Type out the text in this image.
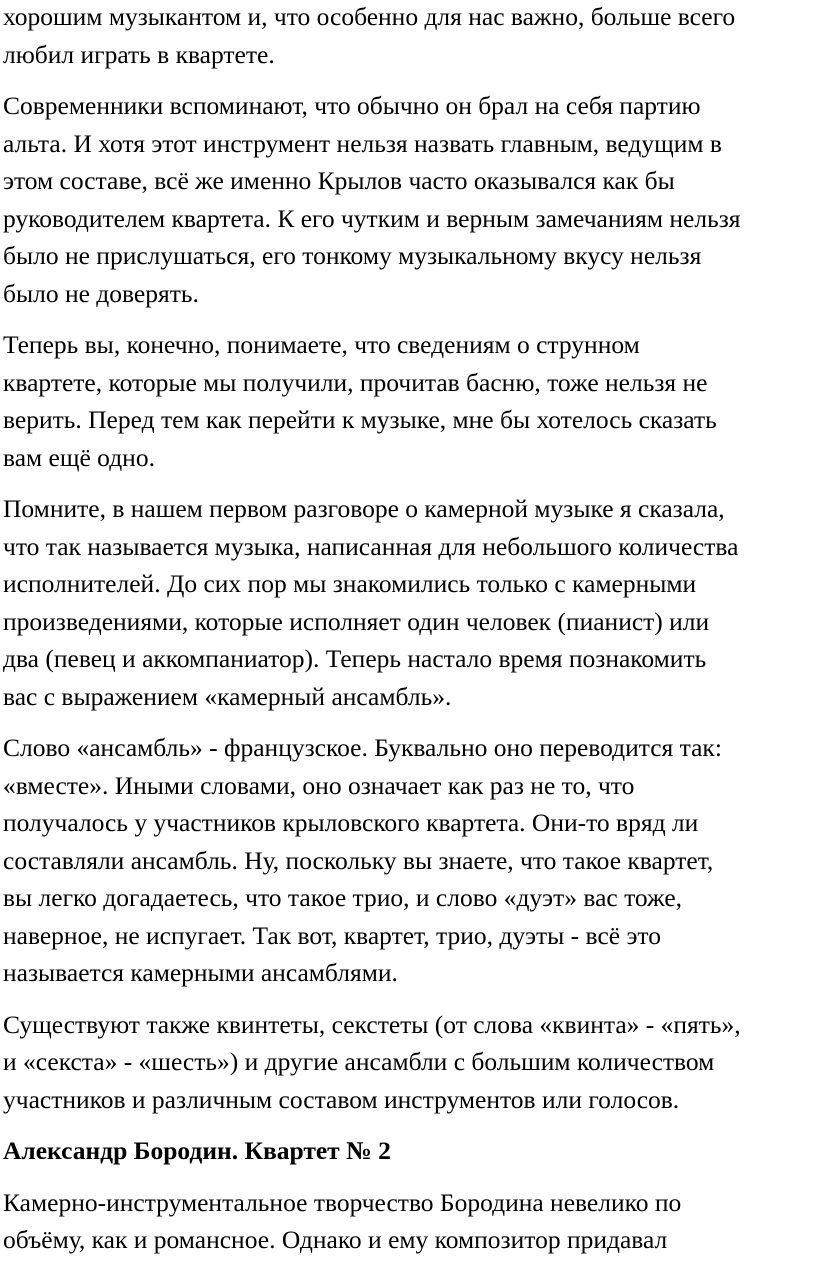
хорошим музыкантом и, что особенно для нас важно, больше всего
любил играть в квартете.

Современники вспоминают, что обычно он брал на себя партию
альта. И хотя этот инструмент нельзя назвать главным, ведущим в
этом составе, всё же именно Крылов часто оказывался как бы
руководителем квартета. К его чутким и верным замечаниям нельзя
было не прислушаться, его тонкому музыкальному вкусу нельзя
было не доверять.

Теперь вы, конечно, понимаете, что сведениям о струнном
квартете, которые мы получили, прочитав басню, тоже нельзя не
верить. Перед тем как перейти к музыке, мне бы хотелось сказать
вам ещё одно.

Помните, в нашем первом разговоре о камерной музыке я сказала,
что так называется музыка, написанная для небольшого количества
исполнителей. До сих пор мы знакомились только с камерными
произведениями, которые исполняет один человек (пианист) или
два (певец и аккомпаниатор). Теперь настало время познакомить
вас с выражением «камерный ансамбль».

Слово «ансамбль» - французское. Буквально оно переводится так:
«вместе». Иными словами, оно означает как раз не то, что
получалось у участников крыловского квартета. Они-то вряд ли
составляли ансамбль. Ну, поскольку вы знаете, что такое квартет,
вы легко догадаетесь, что такое трио, и слово «дуэт» вас тоже,
наверное, не испугает. Так вот, квартет, трио, дуэты - всё это
называется камерными ансамблями.

Существуют также квинтеты, секстеты (от слова «квинта» - «пять»,
и «секста» - «шесть») и другие ансамбли с большим количеством
участников и различным составом инструментов или голосов.

Александр Бородин. Квартет № 2

Камерно-инструментальное творчество Бородина невелико по
объёму, как и романсное. Однако и ему композитор придавал
